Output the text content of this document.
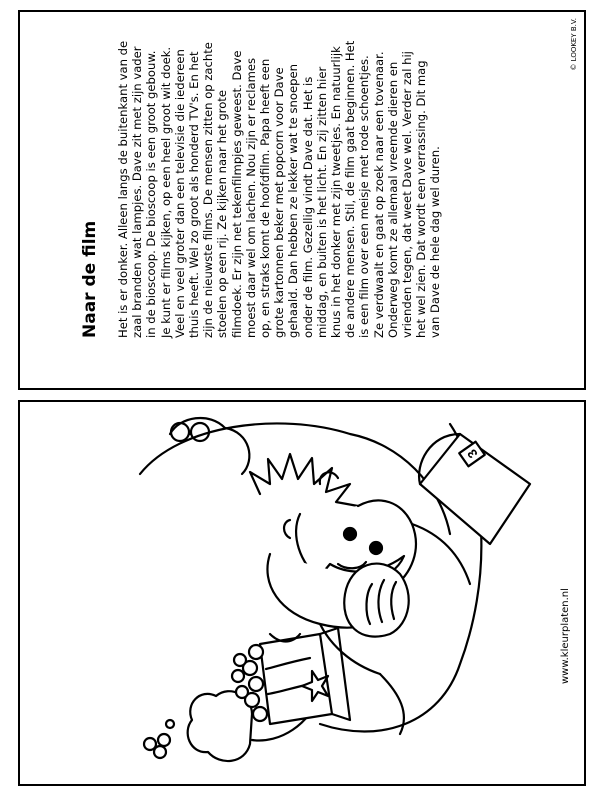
Naar de film Het is er donker. Alleen langs de buitenkant van de zaal branden wat lampjes. Dave zit met zijn vader in de bioscoop. De bioscoop is een groot gebouw. Je kunt er films kijken, op een heel groot wit doek. Veel en veel groter dan een televisie die iedereen thuis heeft. Wel zo groot als honderd TV's. En het zijn de nieuwste films. De mensen zitten op zachte stoelen op een rij. Ze kijken naar het grote filmdoek. Er zijn net tekenfilmpjes geweest. Dave moest daar wel om lachen. Nou zijn er reclames op, en straks komt de hoofdfilm. Papa heeft een grote kartonnen beker met popcorn voor Dave gehaald. Dan hebben ze lekker wat te snoepen onder de film. Gezellig vindt Dave dat. Het is middag, en buiten is het licht. En zij zitten hier knus in het donker met zijn tweetjes. En natuurlijk de andere mensen. Stil, de film gaat beginnen. Het is een film over een meisje met rode schoentjes. Ze verdwaalt en gaat op zoek naar een tovenaar. Onderweg komt ze allemaal vreemde dieren en vrienden tegen, dat weet Dave wel. Verder zal hij het wel zien. Dat wordt een verrassing. Dit mag van Dave de hele dag wel duren.

© LOOKEY B.V.
3
www.kleurplaten.nl
